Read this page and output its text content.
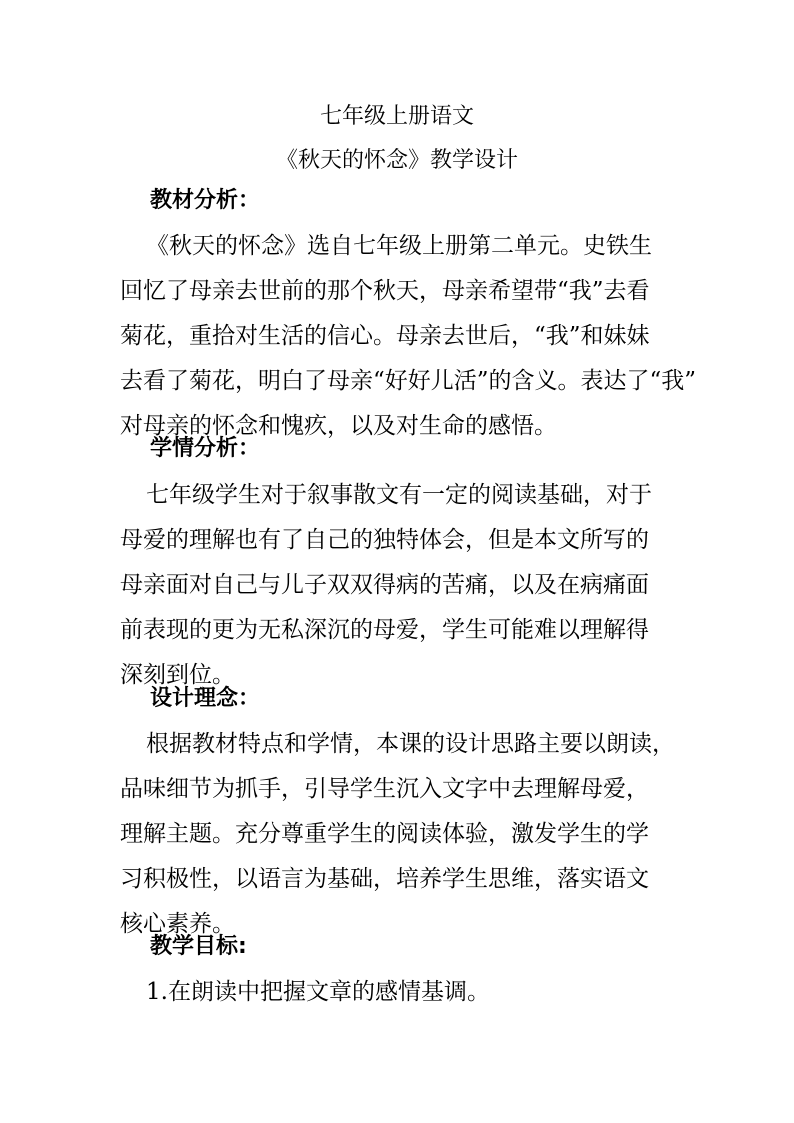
七年级上册语文
《秋天的怀念》教学设计
教材分析：
《秋天的怀念》选自七年级上册第二单元。史铁生
回忆了母亲去世前的那个秋天，母亲希望带“我”去看
菊花，重拾对生活的信心。母亲去世后，“我”和妹妹
去看了菊花，明白了母亲“好好儿活”的含义。表达了“我”
对母亲的怀念和愧疚，以及对生命的感悟。
学情分析：
七年级学生对于叙事散文有一定的阅读基础，对于
母爱的理解也有了自己的独特体会，但是本文所写的
母亲面对自己与儿子双双得病的苦痛，以及在病痛面
前表现的更为无私深沉的母爱，学生可能难以理解得
深刻到位。
设计理念：
根据教材特点和学情，本课的设计思路主要以朗读，
品味细节为抓手，引导学生沉入文字中去理解母爱，
理解主题。充分尊重学生的阅读体验，激发学生的学
习积极性，以语言为基础，培养学生思维，落实语文
核心素养。
教学目标:
1.在朗读中把握文章的感情基调。
